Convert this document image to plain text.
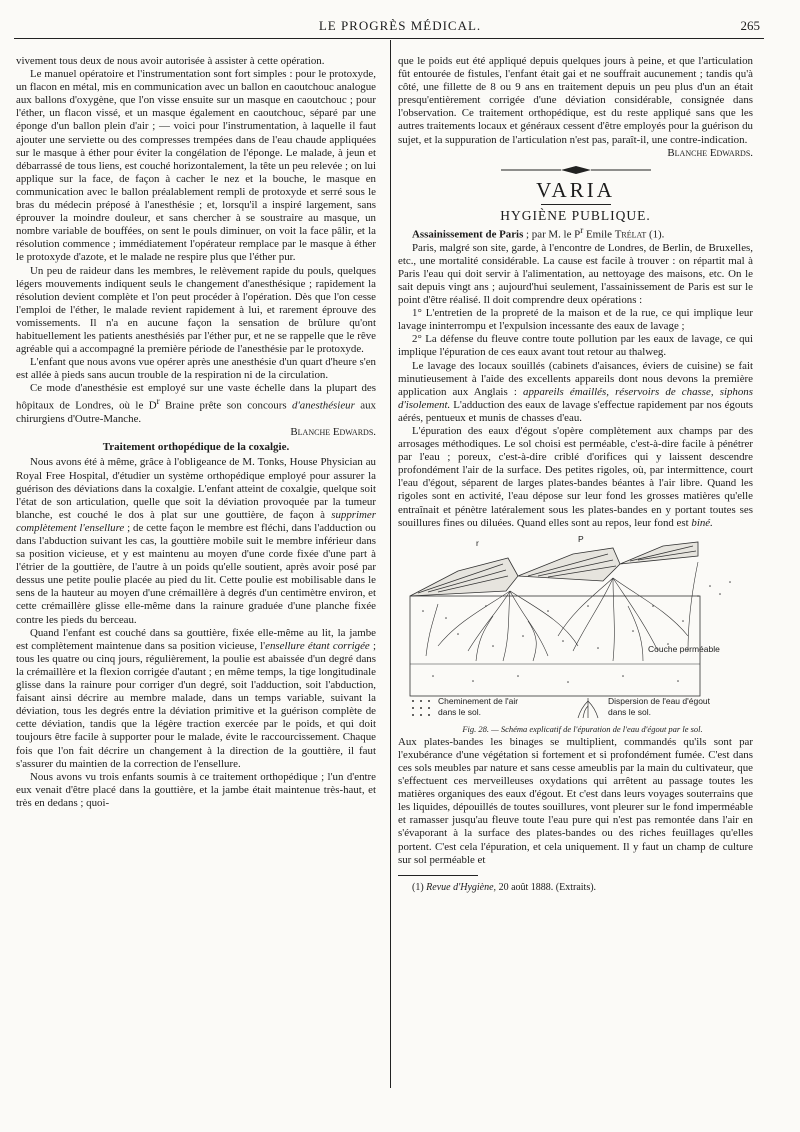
LE PROGRÈS MÉDICAL.	265

vivement tous deux de nous avoir autorisée à assister à cette opération.

Le manuel opératoire et l'instrumentation sont fort simples : pour le protoxyde, un flacon en métal, mis en communication avec un ballon en caoutchouc analogue aux ballons d'oxygène, que l'on visse ensuite sur un masque en caoutchouc ; pour l'éther, un flacon vissé, et un masque également en caoutchouc, séparé par une éponge d'un ballon plein d'air ; — voici pour l'instrumentation, à laquelle il faut ajouter une serviette ou des compresses trempées dans de l'eau chaude appliquées sur le masque à éther pour éviter la congélation de l'éponge. Le malade, à jeun et débarrassé de tous liens, est couché horizontalement, la tête un peu relevée ; on lui applique sur la face, de façon à cacher le nez et la bouche, le masque en communication avec le ballon préalablement rempli de protoxyde et serré sous le bras du médecin préposé à l'anesthésie ; et, lorsqu'il a inspiré largement, sans éprouver la moindre douleur, et sans chercher à se soustraire au masque, un nombre variable de bouffées, on sent le pouls diminuer, on voit la face pâlir, et la résolution commence ; immédiatement l'opérateur remplace par le masque à éther le protoxyde d'azote, et le malade ne respire plus que l'éther pur.

Un peu de raideur dans les membres, le relèvement rapide du pouls, quelques légers mouvements indiquent seuls le changement d'anesthésique ; rapidement la résolution devient complète et l'on peut procéder à l'opération. Dès que l'on cesse l'emploi de l'éther, le malade revient rapidement à lui, et rarement éprouve des vomissements. Il n'a en aucune façon la sensation de brûlure qu'ont habituellement les patients anesthésiés par l'éther pur, et ne se rappelle que le rêve agréable qui a accompagné la première période de l'anesthésie par le protoxyde.

L'enfant que nous avons vue opérer après une anesthésie d'un quart d'heure s'en est allée à pieds sans aucun trouble de la respiration ni de la circulation.

Ce mode d'anesthésie est employé sur une vaste échelle dans la plupart des hôpitaux de Londres, où le $D^r$ Braine prête son concours d'anesthésieur aux chirurgiens d'Outre-Manche.

Blanche Edwards.

Traitement orthopédique de la coxalgie.

Nous avons été à même, grâce à l'obligeance de M. Tonks, House Physician au Royal Free Hospital, d'étudier un système orthopédique employé pour assurer la guérison des déviations dans la coxalgie. L'enfant atteint de coxalgie, quelque soit l'état de son articulation, quelle que soit la déviation provoquée par la tumeur blanche, est couché le dos à plat sur une gouttière, de façon à supprimer complètement l'ensellure ; de cette façon le membre est fléchi, dans l'adduction ou dans l'abduction suivant les cas, la gouttière mobile suit le membre inférieur dans sa position vicieuse, et y est maintenu au moyen d'une corde fixée d'une part à l'étrier de la gouttière, de l'autre à un poids qu'elle soutient, après avoir posé par dessus une petite poulie placée au pied du lit. Cette poulie est mobilisable dans le sens de la hauteur au moyen d'une crémaillère à degrés d'un centimètre environ, et cette crémaillère glisse elle-même dans la rainure graduée d'une planche fixée contre les pieds du berceau.

Quand l'enfant est couché dans sa gouttière, fixée elle-même au lit, la jambe est complètement maintenue dans sa position vicieuse, l'ensellure étant corrigée ; tous les quatre ou cinq jours, régulièrement, la poulie est abaissée d'un degré dans la crémaillère et la flexion corrigée d'autant ; en même temps, la tige longitudinale glisse dans la rainure pour corriger d'un degré, soit l'adduction, soit l'abduction, faisant ainsi décrire au membre malade, dans un temps variable, suivant la déviation, tous les degrés entre la déviation primitive et la guérison complète de cette déviation, tandis que la légère traction exercée par le poids, et qui doit toujours être facile à supporter pour le malade, évite le raccourcissement. Chaque fois que l'on fait décrire un changement à la direction de la gouttière, il faut s'assurer du maintien de la correction de l'ensellure.

Nous avons vu trois enfants soumis à ce traitement orthopédique ; l'un d'entre eux venait d'être placé dans la gouttière, et la jambe était maintenue très-haut, et très en dedans ; quoi-

que le poids eut été appliqué depuis quelques jours à peine, et que l'articulation fût entourée de fistules, l'enfant était gai et ne souffrait aucunement ; tandis qu'à côté, une fillette de 8 ou 9 ans en traitement depuis un peu plus d'un an était presqu'entièrement corrigée d'une déviation considérable, consignée dans l'observation. Ce traitement orthopédique, est du reste appliqué sans que les autres traitements locaux et généraux cessent d'être employés pour la guérison du sujet, et la suppuration de l'articulation n'est pas, paraît-il, une contre-indication.

Blanche Edwards.

VARIA
HYGIÈNE PUBLIQUE.

Assainissement de Paris ; par M. le $P^r$ Emile Trélat (1).

Paris, malgré son site, garde, à l'encontre de Londres, de Berlin, de Bruxelles, etc., une mortalité considérable. La cause est facile à trouver : on répartit mal à Paris l'eau qui doit servir à l'alimentation, au nettoyage des maisons, etc. On le sait depuis vingt ans ; aujourd'hui seulement, l'assainissement de Paris est sur le point d'être réalisé. Il doit comprendre deux opérations :

1° L'entretien de la propreté de la maison et de la rue, ce qui implique leur lavage ininterrompu et l'expulsion incessante des eaux de lavage ;

2° La défense du fleuve contre toute pollution par les eaux de lavage, ce qui implique l'épuration de ces eaux avant tout retour au thalweg.

Le lavage des locaux souillés (cabinets d'aisances, éviers de cuisine) se fait minutieusement à l'aide des excellents appareils dont nous devons la première application aux Anglais : appareils émaillés, réservoirs de chasse, siphons d'isolement. L'adduction des eaux de lavage s'effectue rapidement par nos égouts aérés, pentueux et munis de chasses d'eau.

L'épuration des eaux d'égout s'opère complètement aux champs par des arrosages méthodiques. Le sol choisi est perméable, c'est-à-dire facile à pénétrer par l'eau ; poreux, c'est-à-dire criblé d'orifices qui y laissent descendre profondément l'air de la surface. Des petites rigoles, où, par intermittence, court l'eau d'égout, séparent de larges plates-bandes béantes à l'air libre. Quand les rigoles sont en activité, l'eau dépose sur leur fond les grosses matières qu'elle entraînait et pénètre latéralement sous les plates-bandes en y portant toutes ses souillures fines ou diluées. Quand elles sont au repos, leur fond est biné.

Couche perméable
r	P
Cheminement de l'air
dans le sol.
Dispersion de l'eau d'égout
dans le sol.

Fig. 28. — Schéma explicatif de l'épuration de l'eau d'égout par le sol.

Aux plates-bandes les binages se multiplient, commandés qu'ils sont par l'exubérance d'une végétation si fortement et si profondément fumée. C'est dans ces sols meubles par nature et sans cesse ameublis par la main du cultivateur, que s'effectuent ces merveilleuses oxydations qui arrêtent au passage toutes les matières organiques des eaux d'égout. Et c'est dans leurs voyages souterrains que les liquides, dépouillés de toutes souillures, vont pleurer sur le fond imperméable et ramasser jusqu'au fleuve toute l'eau pure qui n'est pas remontée dans l'air en s'évaporant à la surface des plates-bandes ou des riches feuillages qu'elles portent. C'est cela l'épuration, et cela uniquement. Il y faut un champ de culture sur sol perméable et

(1) Revue d'Hygiène, 20 août 1888. (Extraits).
